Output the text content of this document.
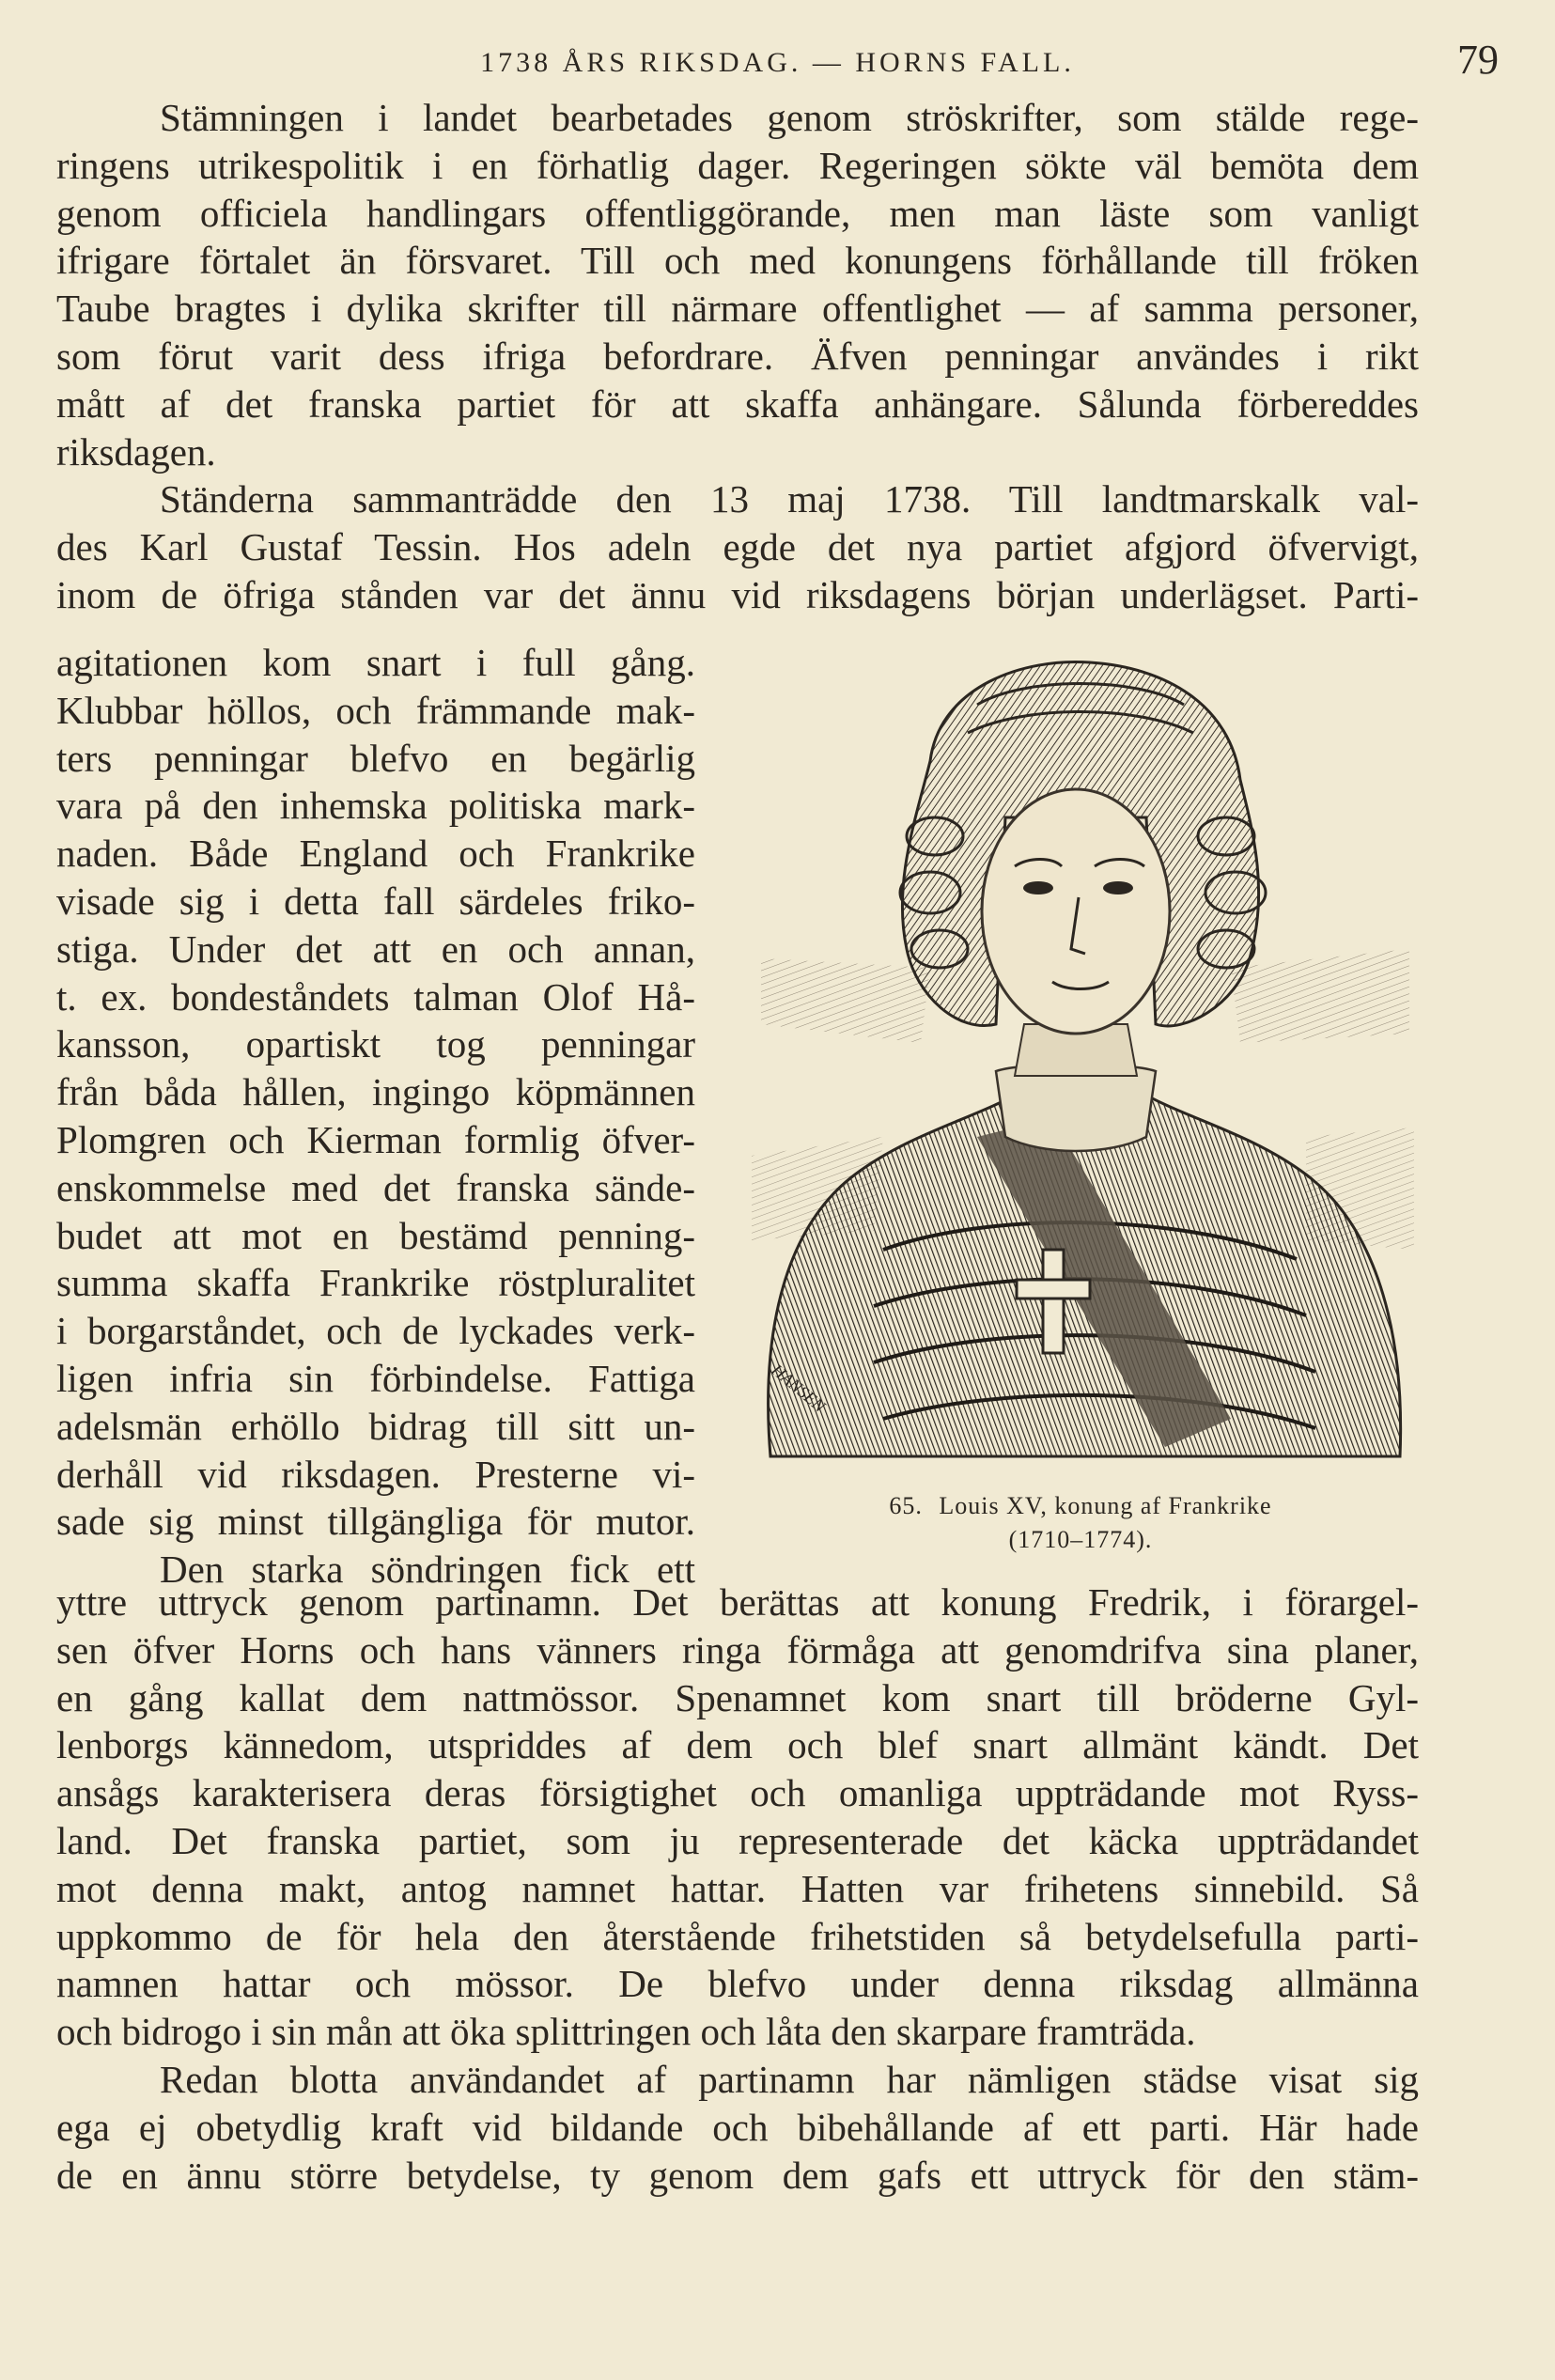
1738 ÅRS RIKSDAG. — HORNS FALL.	79

Stämningen i landet bearbetades genom ströskrifter, som stälde rege-

ringens utrikespolitik i en förhatlig dager. Regeringen sökte väl bemöta dem

genom officiela handlingars offentliggörande, men man läste som vanligt

ifrigare förtalet än försvaret. Till och med konungens förhållande till fröken

Taube bragtes i dylika skrifter till närmare offentlighet — af samma personer,

som förut varit dess ifriga befordrare. Äfven penningar användes i rikt

mått af det franska partiet för att skaffa anhängare. Sålunda förbereddes

riksdagen.

Ständerna sammanträdde den 13 maj 1738. Till landtmarskalk val-

des Karl Gustaf Tessin. Hos adeln egde det nya partiet afgjord öfvervigt,

inom de öfriga stånden var det ännu vid riksdagens början underlägset. Parti-

agitationen kom snart i full gång.

Klubbar höllos, och främmande mak-

ters penningar blefvo en begärlig

vara på den inhemska politiska mark-

naden. Både England och Frankrike

visade sig i detta fall särdeles friko-

stiga. Under det att en och annan,

t. ex. bondeståndets talman Olof Hå-

kansson, opartiskt tog penningar

från båda hållen, ingingo köpmännen

Plomgren och Kierman formlig öfver-

enskommelse med det franska sände-

budet att mot en bestämd penning-

summa skaffa Frankrike röstpluralitet

i borgarståndet, och de lyckades verk-

ligen infria sin förbindelse. Fattiga

adelsmän erhöllo bidrag till sitt un-

derhåll vid riksdagen. Presterne vi-

sade sig minst tillgängliga för mutor.

Den starka söndringen fick ett

HANSEN
65. Louis XV, konung af Frankrike
(1710–1774).

yttre uttryck genom partinamn. Det berättas att konung Fredrik, i förargel-

sen öfver Horns och hans vänners ringa förmåga att genomdrifva sina planer,

en gång kallat dem nattmössor. Spenamnet kom snart till bröderne Gyl-

lenborgs kännedom, utspriddes af dem och blef snart allmänt kändt. Det

ansågs karakterisera deras försigtighet och omanliga uppträdande mot Ryss-

land. Det franska partiet, som ju representerade det käcka uppträdandet

mot denna makt, antog namnet hattar. Hatten var frihetens sinnebild. Så

uppkommo de för hela den återstående frihetstiden så betydelsefulla parti-

namnen hattar och mössor. De blefvo under denna riksdag allmänna

och bidrogo i sin mån att öka splittringen och låta den skarpare framträda.

Redan blotta användandet af partinamn har nämligen städse visat sig

ega ej obetydlig kraft vid bildande och bibehållande af ett parti. Här hade

de en ännu större betydelse, ty genom dem gafs ett uttryck för den stäm-
